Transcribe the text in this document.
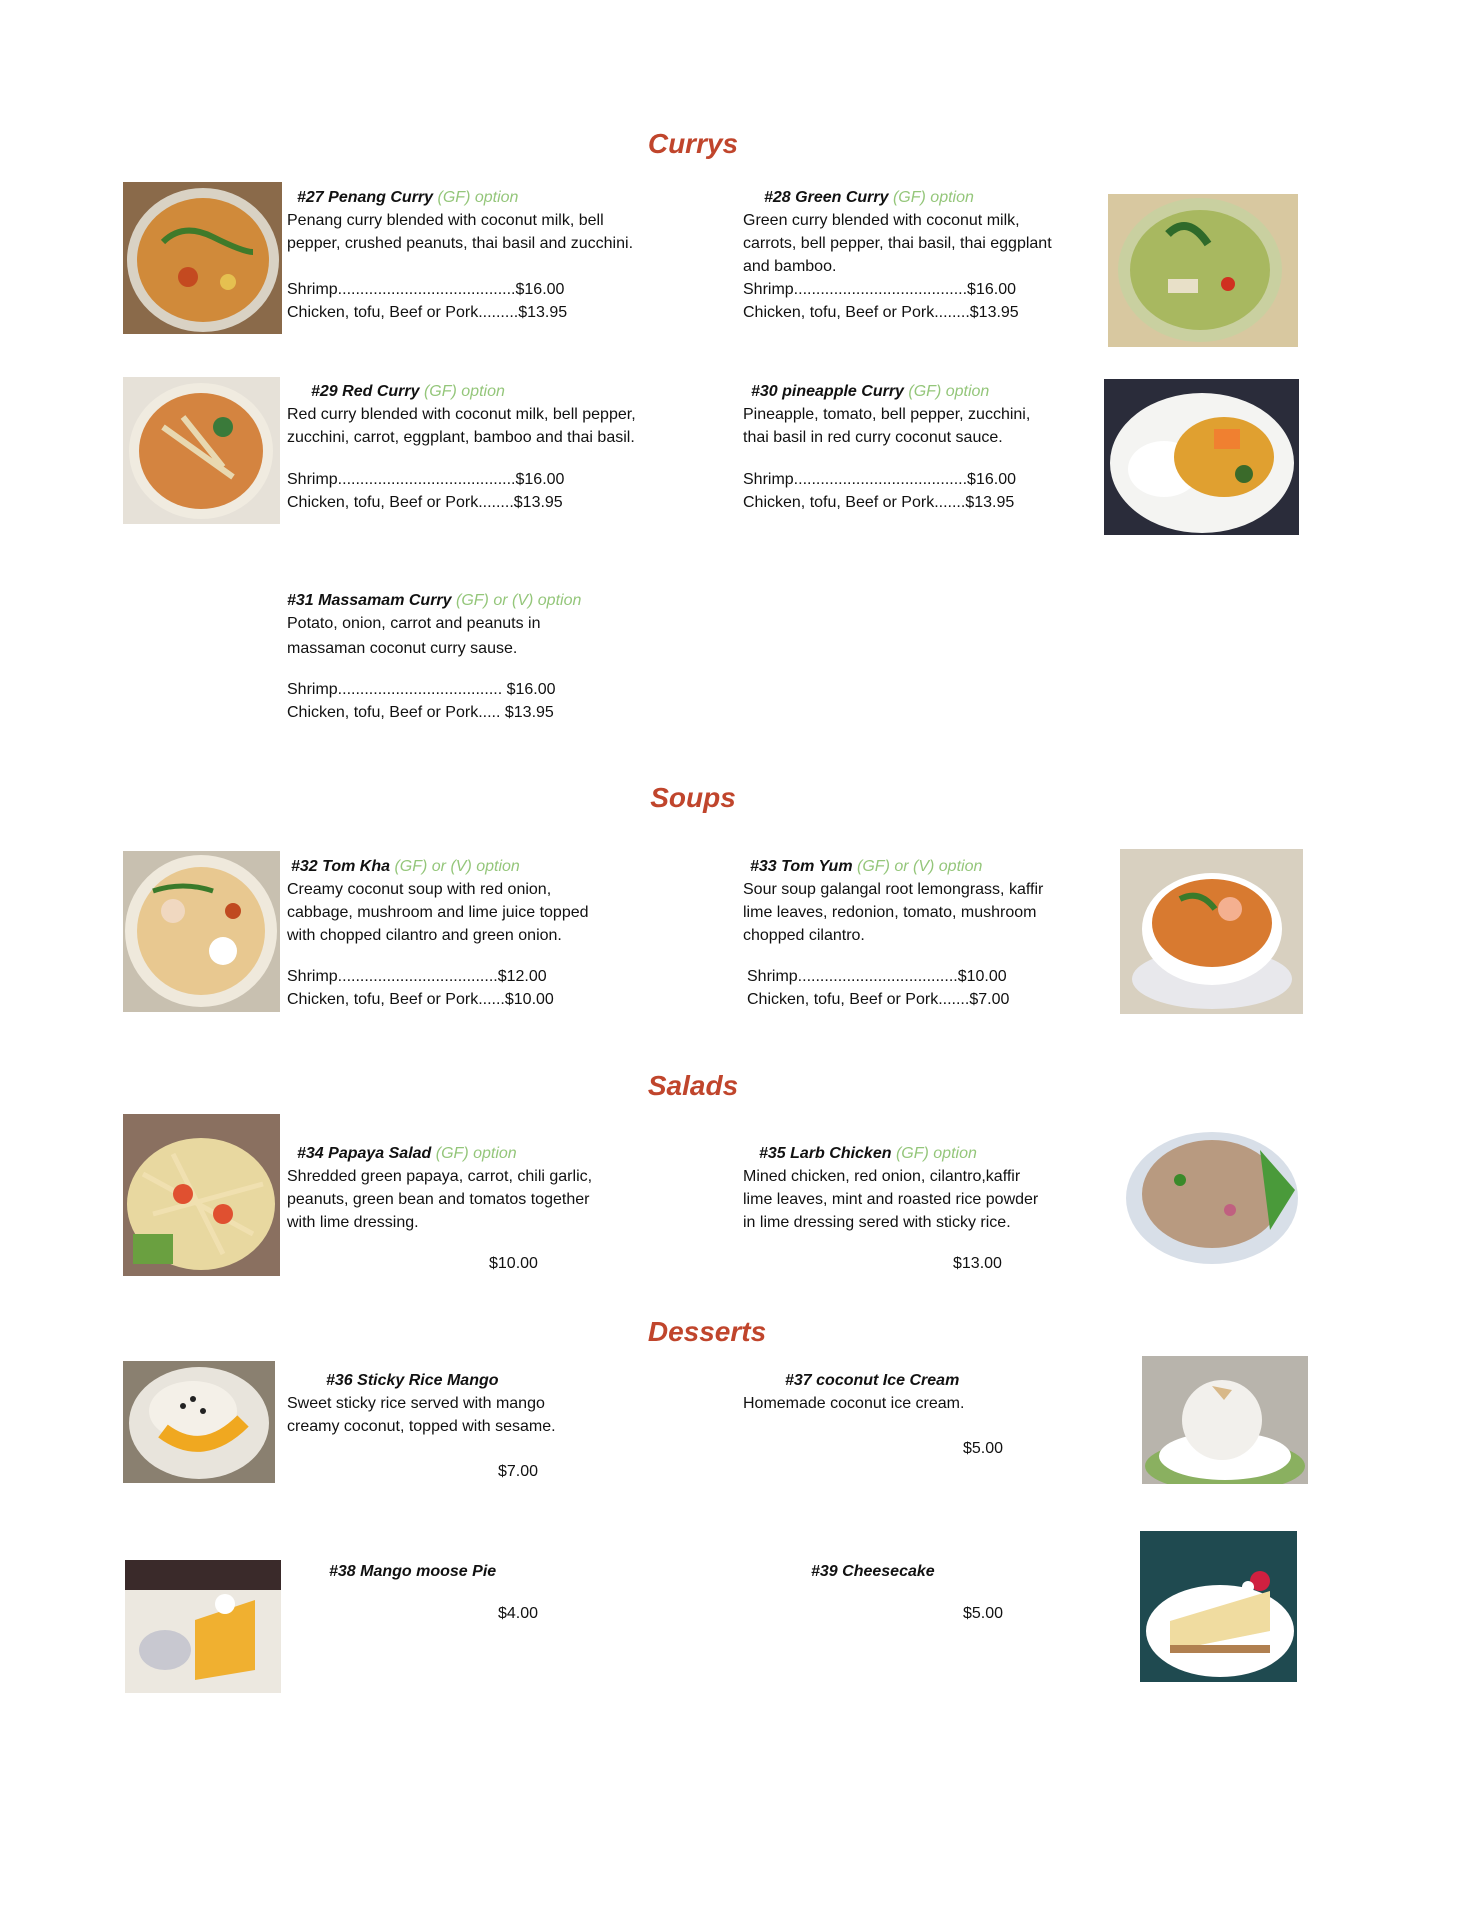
Currys
Soups
Salads
Desserts
#27 Penang Curry (GF) option

Penang curry blended with coconut milk, bell

pepper, crushed peanuts, thai basil and zucchini.

Shrimp........................................$16.00

Chicken, tofu, Beef or Pork.........$13.95

#28 Green Curry (GF) option

Green curry blended with coconut milk,

carrots, bell pepper, thai basil, thai eggplant

and bamboo.

Shrimp.......................................$16.00

Chicken, tofu, Beef or Pork........$13.95

#29 Red Curry (GF) option

Red curry blended with coconut milk, bell pepper,

zucchini, carrot, eggplant, bamboo and thai basil.

Shrimp........................................$16.00

Chicken, tofu, Beef or Pork........$13.95

#30 pineapple Curry (GF) option

Pineapple, tomato, bell pepper, zucchini,

thai basil in red curry coconut sauce.

Shrimp.......................................$16.00

Chicken, tofu, Beef or Pork.......$13.95

#31 Massamam Curry (GF) or (V) option

Potato, onion, carrot and peanuts in

massaman coconut curry sause.

Shrimp..................................... $16.00

Chicken, tofu, Beef or Pork..... $13.95

#32 Tom Kha (GF) or (V) option

Creamy coconut soup with red onion,

cabbage, mushroom and lime juice topped

with chopped cilantro and green onion.

Shrimp....................................$12.00

Chicken, tofu, Beef or Pork......$10.00

#33 Tom Yum (GF) or (V) option

Sour soup galangal root lemongrass, kaffir

lime leaves, redonion, tomato, mushroom

chopped cilantro.

Shrimp....................................$10.00

Chicken, tofu, Beef or Pork.......$7.00

#34 Papaya Salad (GF) option

Shredded green papaya, carrot, chili garlic,

peanuts, green bean and tomatos together

with lime dressing.

$10.00

#35 Larb Chicken (GF) option

Mined chicken, red onion, cilantro,kaffir

lime leaves, mint and roasted rice powder

in lime dressing sered with sticky rice.

$13.00

#36 Sticky Rice Mango

Sweet sticky rice served with mango

creamy coconut, topped with sesame.

$7.00

#37 coconut Ice Cream

Homemade coconut ice cream.

$5.00

#38 Mango moose Pie

$4.00

#39 Cheesecake

$5.00
